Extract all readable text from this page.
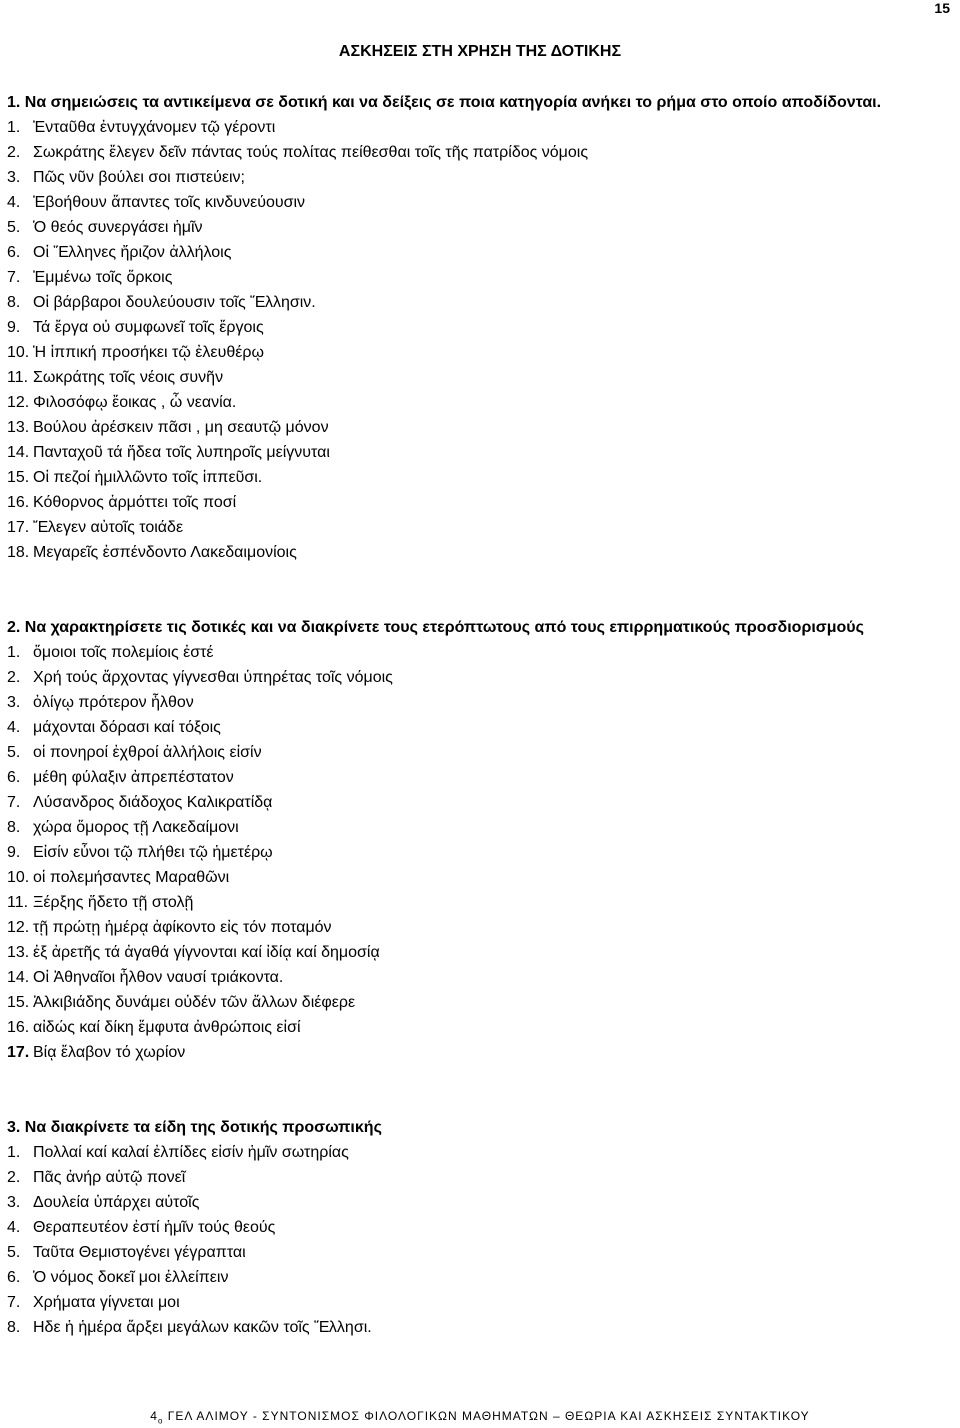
15
ΑΣΚΗΣΕΙΣ ΣΤΗ ΧΡΗΣΗ ΤΗΣ ΔΟΤΙΚΗΣ
1. Να σημειώσεις τα αντικείμενα σε δοτική και να δείξεις σε ποια κατηγορία ανήκει το ρήμα στο οποίο αποδίδονται.
1. Ἐνταῦθα ἐντυγχάνομεν τῷ γέροντι
2. Σωκράτης ἔλεγεν δεῖν πάντας τούς πολίτας πείθεσθαι τοῖς τῆς πατρίδος νόμοις
3. Πῶς νῦν βούλει σοι πιστεύειν;
4. Ἐβοήθουν ἅπαντες τοῖς κινδυνεύουσιν
5. Ὁ θεός συνεργάσει ἡμῖν
6. Οἱ Ἕλληνες ἤριζον ἀλλήλοις
7. Ἐμμένω τοῖς ὅρκοις
8. Οἱ βάρβαροι δουλεύουσιν τοῖς Ἕλλησιν.
9. Τά ἔργα οὐ συμφωνεῖ τοῖς ἔργοις
10. Ἡ ἱππική προσήκει τῷ ἐλευθέρῳ
11. Σωκράτης τοῖς νέοις συνῆν
12. Φιλοσόφῳ ἔοικας , ὦ νεανία.
13. Βούλου ἀρέσκειν πᾶσι , μη σεαυτῷ μόνον
14. Πανταχοῦ τά ἥδεα τοῖς λυπηροῖς μείγνυται
15. Οἱ πεζοί ἡμιλλῶντο τοῖς ἱππεῦσι.
16. Κόθορνος ἁρμόττει τοῖς ποσί
17. Ἔλεγεν αὐτοῖς τοιάδε
18. Μεγαρεῖς ἐσπένδοντο Λακεδαιμονίοις
2. Να χαρακτηρίσετε τις δοτικές και να διακρίνετε τους ετερόπτωτους από τους επιρρηματικούς προσδιορισμούς
1. ὅμοιοι τοῖς πολεμίοις ἐστέ
2. Χρή τούς ἄρχοντας γίγνεσθαι ὑπηρέτας τοῖς νόμοις
3. ὀλίγῳ πρότερον ἦλθον
4. μάχονται δόρασι καί τόξοις
5. οἱ πονηροί ἐχθροί ἀλλήλοις εἰσίν
6. μέθη φύλαξιν ἀπρεπέστατον
7. Λύσανδρος διάδοχος Καλικρατίδᾳ
8. χώρα ὅμορος τῇ Λακεδαίμονι
9. Εἰσίν εὖνοι τῷ πλήθει τῷ ἡμετέρῳ
10. οἱ πολεμήσαντες Μαραθῶνι
11. Ξέρξης ἥδετο τῇ στολῇ
12. τῇ πρώτῃ ἡμέρᾳ ἀφίκοντο εἰς τόν ποταμόν
13. ἐξ ἀρετῆς τά ἀγαθά γίγνονται καί ἰδίᾳ καί δημοσίᾳ
14. Οἱ Ἀθηναῖοι ἦλθον ναυσί τριάκοντα.
15. Ἀλκιβιάδης δυνάμει οὐδέν τῶν ἄλλων διέφερε
16. αἰδώς καί δίκη ἔμφυτα ἀνθρώποις εἰσί
17. Βίᾳ ἔλαβον τό χωρίον
3. Να διακρίνετε τα είδη της δοτικής προσωπικής
1. Πολλαί καί καλαί ἐλπίδες εἰσίν ἡμῖν σωτηρίας
2. Πᾶς ἀνήρ αὑτῷ πονεῖ
3. Δουλεία ὑπάρχει αὐτοῖς
4. Θεραπευτέον ἐστί ἡμῖν τούς θεούς
5. Ταῦτα Θεμιστογένει γέγραπται
6. Ὁ νόμος δοκεῖ μοι ἐλλείπειν
7. Χρήματα γίγνεται μοι
8. Ηδε ἡ ἡμέρα ἄρξει μεγάλων κακῶν τοῖς Ἕλλησι.
$4_o$ ΓΕΛ ΑΛΙΜΟΥ - ΣΥΝΤΟΝΙΣΜΟΣ ΦΙΛΟΛΟΓΙΚΩΝ ΜΑΘΗΜΑΤΩΝ – ΘΕΩΡΙΑ ΚΑΙ ΑΣΚΗΣΕΙΣ ΣΥΝΤΑΚΤΙΚΟΥ
